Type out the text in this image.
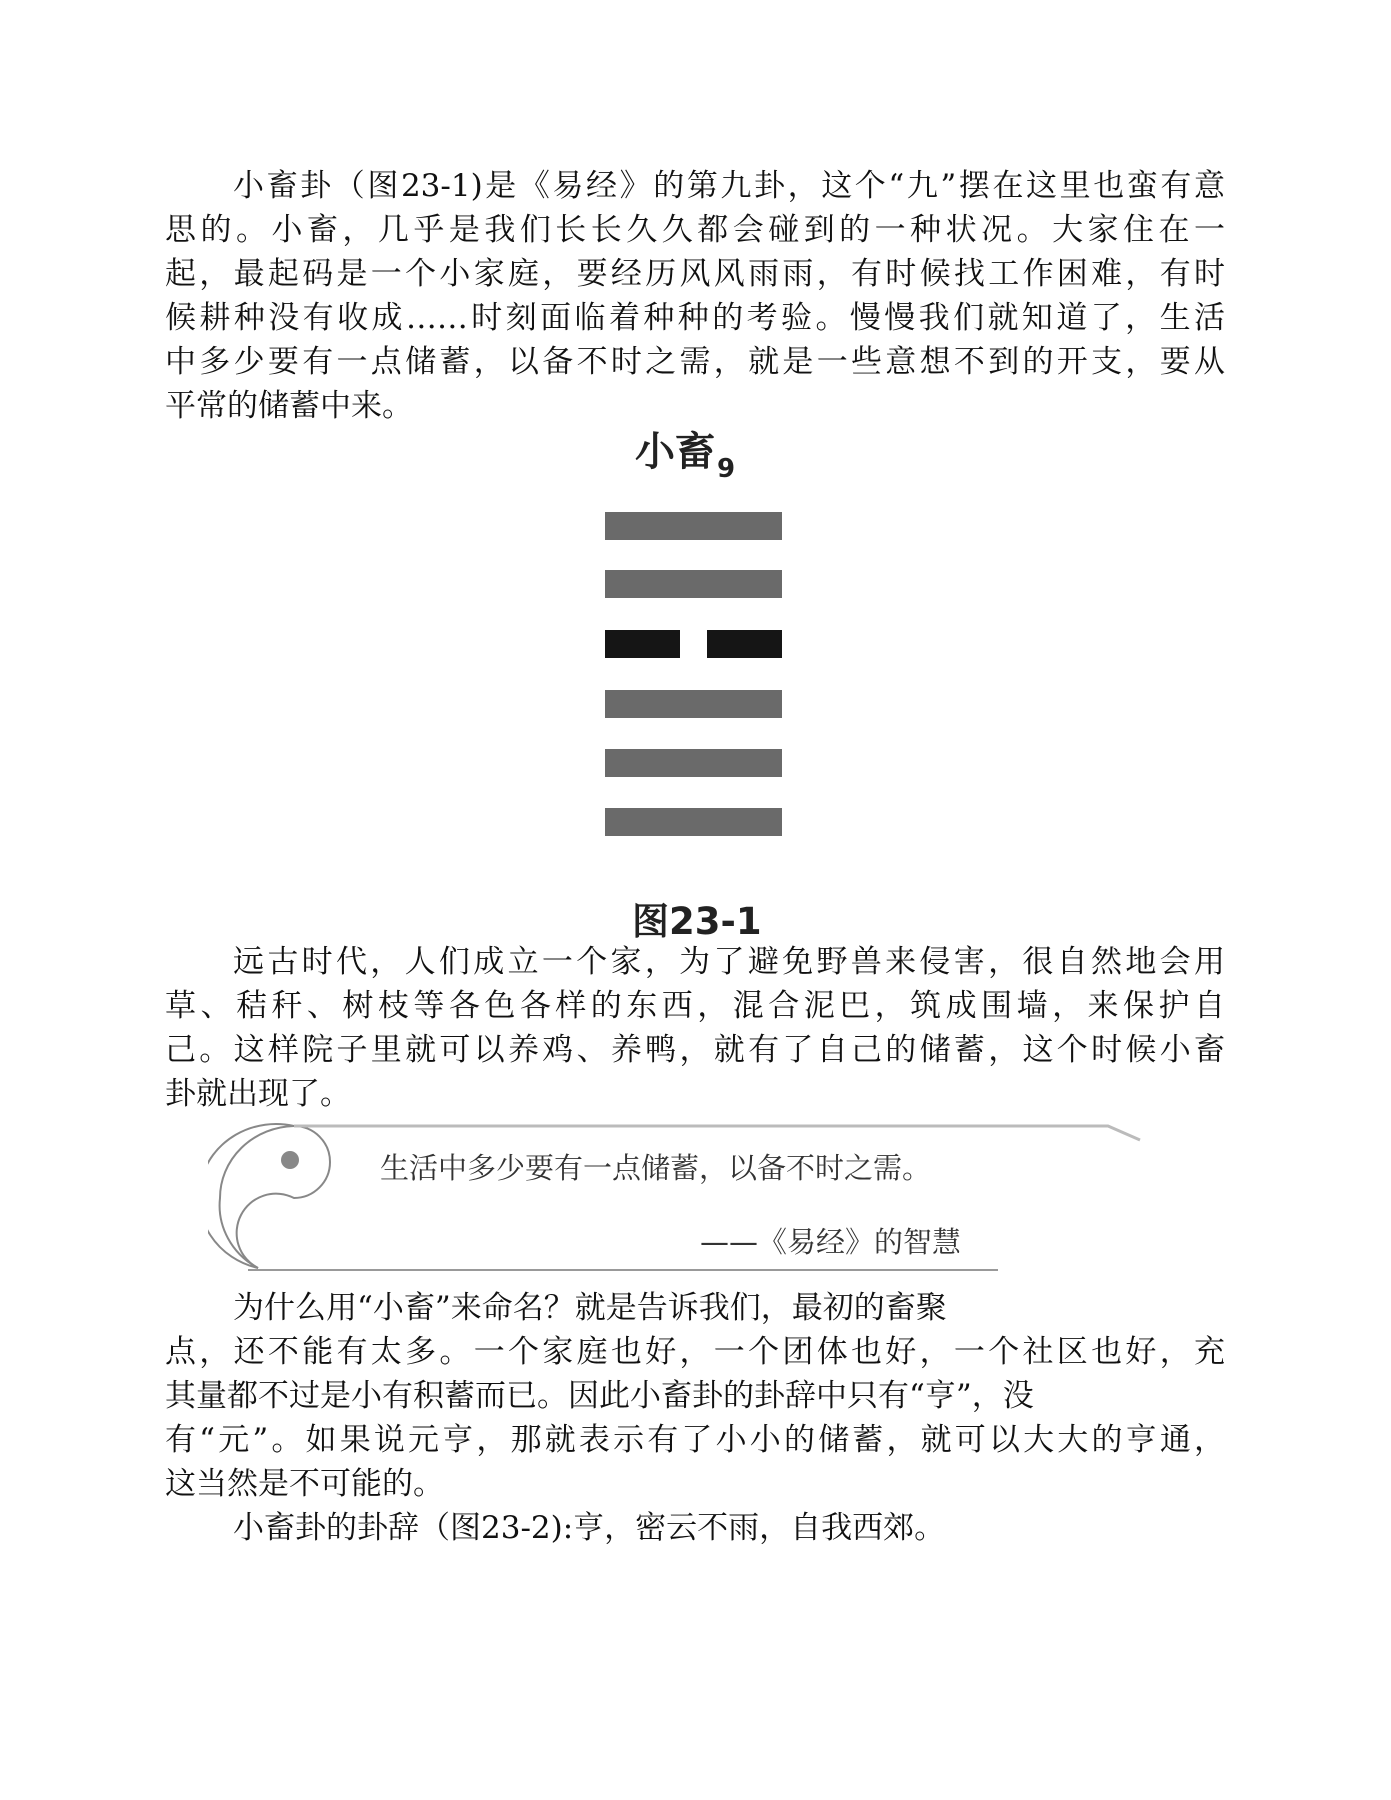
小畜卦（图23-1)是《易经》的第九卦，这个“九”摆在这里也蛮有意
思的。小畜，几乎是我们长长久久都会碰到的一种状况。大家住在一
起，最起码是一个小家庭，要经历风风雨雨，有时候找工作困难，有时
候耕种没有收成……时刻面临着种种的考验。慢慢我们就知道了，生活
中多少要有一点储蓄，以备不时之需，就是一些意想不到的开支，要从
平常的储蓄中来。
小畜$_9$
图23-1
远古时代，人们成立一个家，为了避免野兽来侵害，很自然地会用
草、秸秆、树枝等各色各样的东西，混合泥巴，筑成围墙，来保护自
己。这样院子里就可以养鸡、养鸭，就有了自己的储蓄，这个时候小畜
卦就出现了。
生活中多少要有一点储蓄，以备不时之需。
——《易经》的智慧
为什么用“小畜”来命名？就是告诉我们，最初的畜聚
点，还不能有太多。一个家庭也好，一个团体也好，一个社区也好，充
其量都不过是小有积蓄而已。因此小畜卦的卦辞中只有“亨”，没
有“元”。如果说元亨，那就表示有了小小的储蓄，就可以大大的亨通，
这当然是不可能的。
小畜卦的卦辞（图23-2):亨，密云不雨，自我西郊。
